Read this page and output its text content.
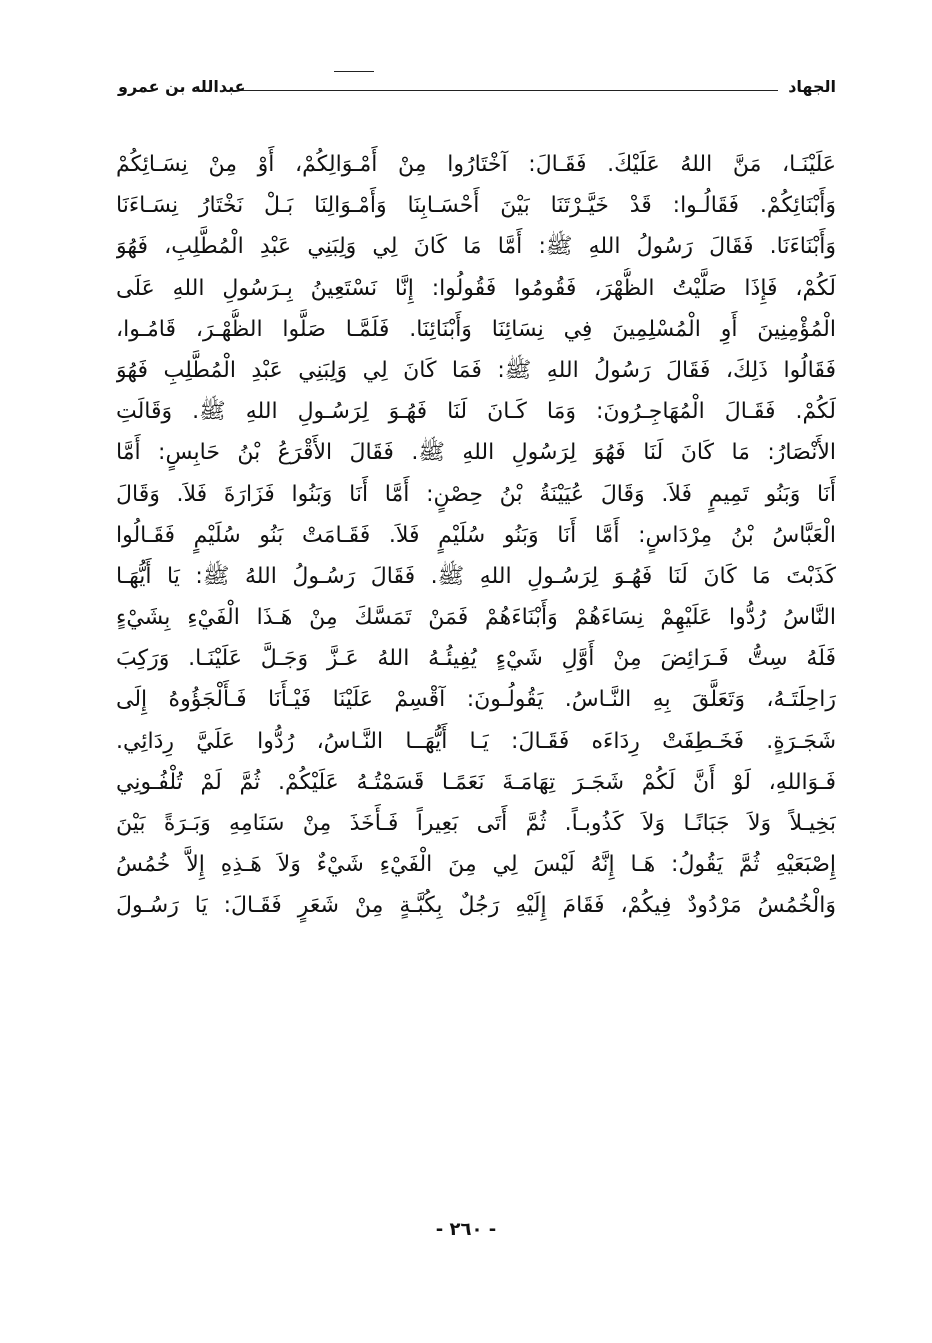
الجهاد
عبدالله بن عمرو
عَلَيْنَـا، مَنَّ اللهُ عَلَيْكَ. فَقَـالَ: آخْتَارُوا مِنْ أَمْـوَالِكُمْ، أَوْ مِنْ نِسَـائِكُمْ
وَأَبْنَائِكُمْ. فَقَالُـوا: قَدْ خَيَّـرْتَنَا بَيْنَ أَحْسَـابِنَا وَأَمْـوَالِنَا بَـلْ نَخْتَارُ نِسَـاءَنَا
وَأَبْنَاءَنَا. فَقَالَ رَسُولُ اللهِ ﷺ: أَمَّا مَا كَانَ لِي وَلِبَنِي عَبْدِ الْمُطَّلِبِ، فَهُوَ
لَكُمْ، فَإِذَا صَلَّيْتُ الظُّهْرَ، فَقُومُوا فَقُولُوا: إِنَّا نَسْتَعِينُ بِـرَسُولِ اللهِ عَلَى
الْمُؤْمِنِينَ أَوِ الْمُسْلِمِينَ فِي نِسَائِنَا وَأَبْنَائِنَا. فَلَمَّـا صَلَّوا الظُّهْـرَ، قَامُـوا،
فَقَالُوا ذَلِكَ، فَقَالَ رَسُولُ اللهِ ﷺ: فَمَا كَانَ لِي وَلِبَنِي عَبْدِ الْمُطَّلِبِ فَهُوَ
لَكُمْ. فَقَـالَ الْمُهَاجِـرُونَ: وَمَا كَـانَ لَنَا فَهُـوَ لِرَسُـولِ اللهِ ﷺ. وَقَالَتِ
الأَنْصَارُ: مَا كَانَ لَنَا فَهُوَ لِرَسُولِ اللهِ ﷺ. فَقَالَ الأَقْرَعُ بْنُ حَابِسٍ: أَمَّا
أَنَا وَبَنُو تَمِيمٍ فَلاَ. وَقَالَ عُيَيْنَةُ بْنُ حِصْنٍ: أَمَّا أَنَا وَبَنُوا فَزَارَةَ فَلاَ. وَقَالَ
الْعَبَّاسُ بْنُ مِرْدَاسٍ: أَمَّا أَنَا وَبَنُو سُلَيْمٍ فَلاَ. فَقَـامَتْ بَنُو سُلَيْمٍ فَقَـالُوا
كَذَبْتَ مَا كَانَ لَنَا فَهُـوَ لِرَسُـولِ اللهِ ﷺ. فَقَالَ رَسُـولُ اللهُ ﷺ: يَا أَيُّهَـا
النَّاسُ رُدُّوا عَلَيْهِمْ نِسَاءَهُمْ وَأَبْنَاءَهُمْ فَمَنْ تَمَسَّكَ مِنْ هَـذَا الْفَيْءِ بِشَيْءٍ
فَلَهُ سِتُّ فَـرَائِضَ مِنْ أَوَّلِ شَيْءٍ يُفِيئُـهُ اللهُ عَـزَّ وَجَـلَّ عَلَيْنَـا. وَرَكِبَ
رَاحِلَتَـهُ، وَتَعَلَّقَ بِهِ النَّـاسُ. يَقُولُـونَ: آقْسِمْ عَلَيْنَا فَيْـأَنَا فَـأَلْجَؤُوهُ إِلَى
شَجَـرَةٍ. فَخَـطِفَتْ رِدَاءَه فَقَـالَ: يَـا أَيُّهَــا النَّـاسُ، رُدُّوا عَلَيَّ رِدَائِي.
فَـوَاللهِ، لَوْ أَنَّ لَكُمْ شَجَـرَ تِهَامَـةَ نَعَمًـا قَسَمْتُـهُ عَلَيْكُمْ. ثُمَّ لَمْ تُلْفُـونِي
بَخِيـلاً وَلاَ جَبَانًـا وَلاَ كَذُوبـاً. ثُمَّ أَتَى بَعِيراً فَـأَخَذَ مِنْ سَنَامِهِ وَبَـرَةً بَيْنَ
إِصْبَعَيْهِ ثُمَّ يَقُولُ: هَـا إِنَّهُ لَيْسَ لِي مِنَ الْفَيْءِ شَيْءٌ وَلاَ هَـذِهِ إِلاَّ خُمُسُ
وَالْخُمُسُ مَرْدُودٌ فِيكُمْ، فَقَامَ إِلَيْهِ رَجُلٌ بِكُبَّـةٍ مِنْ شَعَرٍ فَقَـالَ: يَا رَسُـولَ
- ٢٦٠ -
